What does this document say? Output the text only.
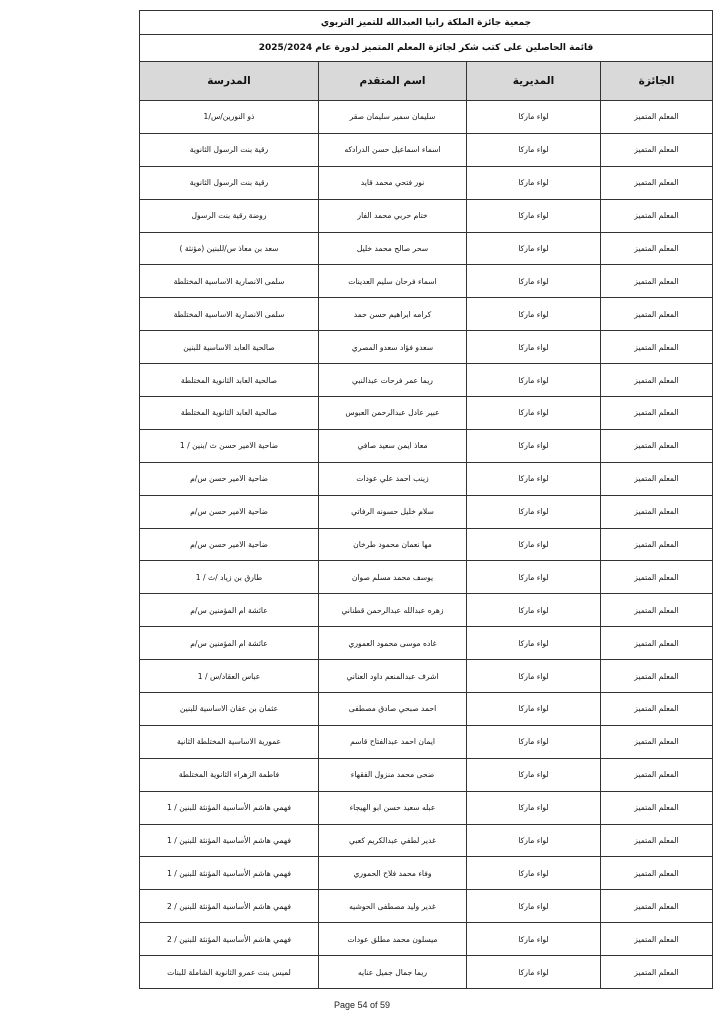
جمعية جائزة الملكة رانيا العبدالله للتميز التربوي			
قائمة الحاصلين على كتب شكر لجائزة المعلم المتميز لدورة عام 2025/2024			
الجائزة	المديرية	اسم المتقدم	المدرسة
المعلم المتميز	لواء ماركا	سليمان سمير سليمان صقر	ذو النورين/س/1
المعلم المتميز	لواء ماركا	اسماء اسماعيل حسن الدرادكه	رقية بنت الرسول الثانوية
المعلم المتميز	لواء ماركا	نور فتحي محمد قايد	رقية بنت الرسول الثانوية
المعلم المتميز	لواء ماركا	ختام حربي محمد الفار	روضة رقية بنت الرسول
المعلم المتميز	لواء ماركا	سحر صالح محمد خليل	سعد بن معاذ س/للبنين (مؤنثة )
المعلم المتميز	لواء ماركا	اسماء فرحان سليم العدينات	سلمى الانصارية الاساسية المختلطة
المعلم المتميز	لواء ماركا	كرامه ابراهيم حسن حمد	سلمى الانصارية الاساسية المختلطة
المعلم المتميز	لواء ماركا	سعدو فؤاد سعدو المصري	صالحية العابد الاساسية للبنين
المعلم المتميز	لواء ماركا	ريما عمر فرحات عبدالنبي	صالحية العابد الثانوية المختلطة
المعلم المتميز	لواء ماركا	عبير عادل عبدالرحمن العبوس	صالحية العابد الثانوية المختلطة
المعلم المتميز	لواء ماركا	معاذ ايمن سعيد صافي	ضاحية الامير حسن ث /بنين / 1
المعلم المتميز	لواء ماركا	زينب احمد علي عودات	ضاحية الامير حسن س/م
المعلم المتميز	لواء ماركا	سلام خليل حسونه الرفاتي	ضاحية الامير حسن س/م
المعلم المتميز	لواء ماركا	مها نعمان محمود طرخان	ضاحية الامير حسن س/م
المعلم المتميز	لواء ماركا	يوسف محمد مسلم صوان	طارق بن زياد /ث / 1
المعلم المتميز	لواء ماركا	زهره عبدالله عبدالرحمن قطناني	عائشة ام المؤمنين س/م
المعلم المتميز	لواء ماركا	غاده موسى محمود العموري	عائشة ام المؤمنين س/م
المعلم المتميز	لواء ماركا	اشرف عبدالمنعم داود العناني	عباس العقاد/س / 1
المعلم المتميز	لواء ماركا	احمد صبحي صادق مصطفى	عثمان بن عفان الاساسية للبنين
المعلم المتميز	لواء ماركا	ايمان احمد عبدالفتاح قاسم	عمورية الاساسية المختلطة الثانية
المعلم المتميز	لواء ماركا	ضحى محمد منزول الفقهاء	فاطمة الزهراء الثانوية المختلطة
المعلم المتميز	لواء ماركا	عبله سعيد حسن ابو الهيجاء	فهمي هاشم الأساسية المؤنثة للبنين / 1
المعلم المتميز	لواء ماركا	غدير لطفي عبدالكريم كعبي	فهمي هاشم الأساسية المؤنثة للبنين / 1
المعلم المتميز	لواء ماركا	وفاء محمد فلاح الحموري	فهمي هاشم الأساسية المؤنثة للبنين / 1
المعلم المتميز	لواء ماركا	غدير وليد مصطفى الحوشيه	فهمي هاشم الأساسية المؤنثة للبنين / 2
المعلم المتميز	لواء ماركا	ميسلون محمد مطلق عودات	فهمي هاشم الأساسية المؤنثة للبنين / 2
المعلم المتميز	لواء ماركا	ريما جمال جميل عنايه	لميس بنت عمرو الثانوية الشاملة للبنات
Page 54 of 59
